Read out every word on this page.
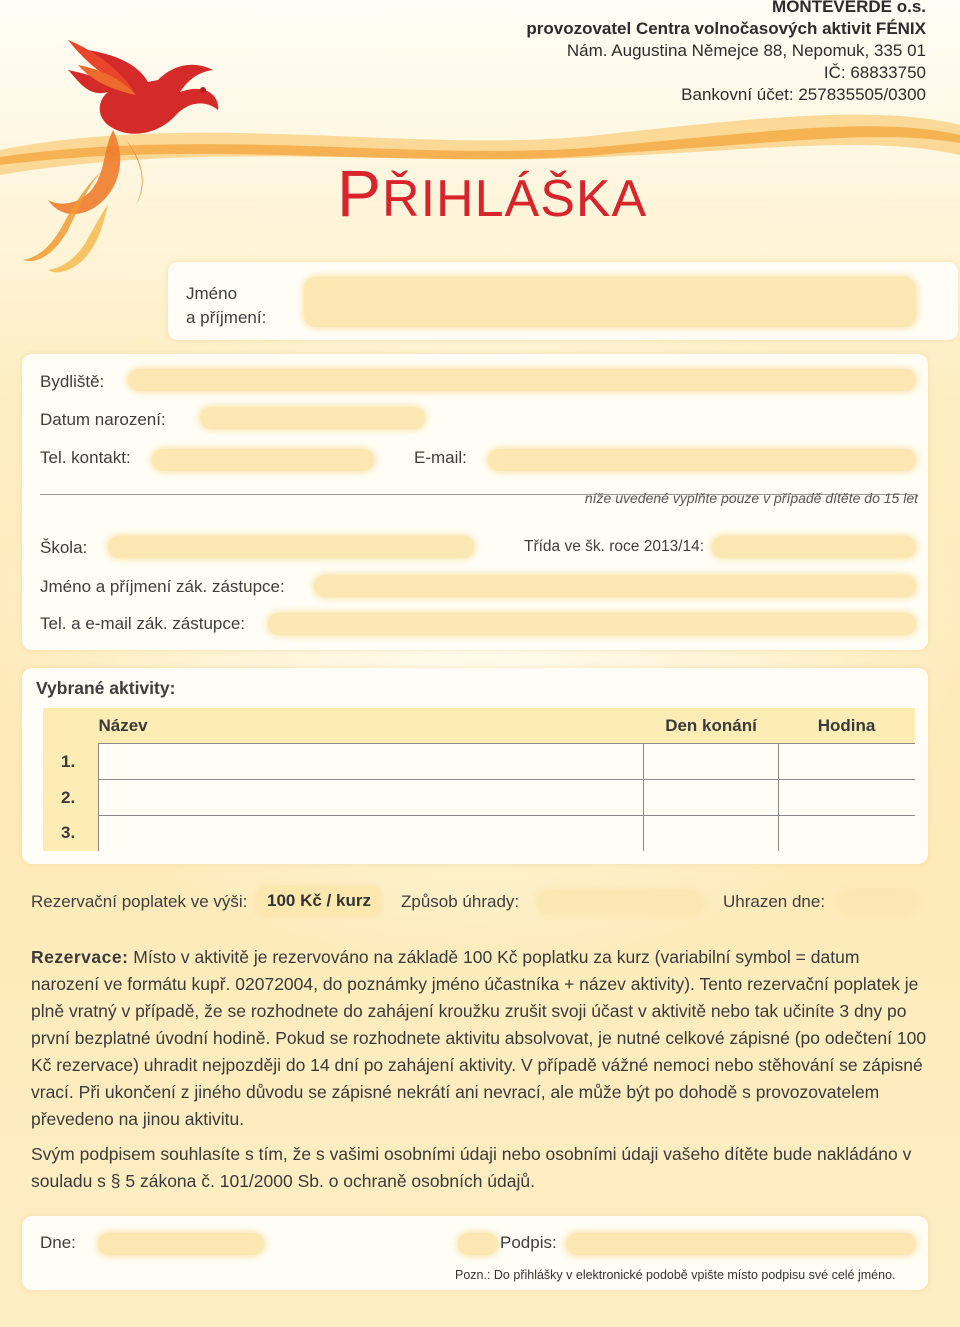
MONTEVERDE o.s.
provozovatel Centra volnočasových aktivit FÉNIX
Nám. Augustina Němejce 88, Nepomuk, 335 01
IČ: 68833750
Bankovní účet: 257835505/0300
PŘIHLÁŠKA
Jméno
a příjmení:
Bydliště:
Datum narození:
Tel. kontakt:	E-mail:
níže uvedené vyplňte pouze v případě dítěte do 15 let
Škola:	Třída ve šk. roce 2013/14:
Jméno a příjmení zák. zástupce:
Tel. a e-mail zák. zástupce:
Vybrané aktivity:
	Název	Den konání	Hodina
1.			
2.			
3.			
Rezervační poplatek ve výši:	100 Kč / kurz	Způsob úhrady:	Uhrazen dne:
Rezervace: Místo v aktivitě je rezervováno na základě 100 Kč poplatku za kurz (variabilní symbol = datum narození ve formátu kupř. 02072004, do poznámky jméno účastníka + název aktivity). Tento rezervační poplatek je plně vratný v případě, že se rozhodnete do zahájení kroužku zrušit svoji účast v aktivitě nebo tak učiníte 3 dny po první bezplatné úvodní hodině. Pokud se rozhodnete aktivitu absolvovat, je nutné celkové zápisné (po odečtení 100 Kč rezervace) uhradit nejpozději do 14 dní po zahájení aktivity. V případě vážné nemoci nebo stěhování se zápisné vrací. Při ukončení z jiného důvodu se zápisné nekrátí ani nevrací, ale může být po dohodě s provozovatelem převedeno na jinou aktivitu.
Svým podpisem souhlasíte s tím, že s vašimi osobními údaji nebo osobními údaji vašeho dítěte bude nakládáno v souladu s § 5 zákona č. 101/2000 Sb. o ochraně osobních údajů.
Dne:	Podpis:
Pozn.: Do přihlášky v elektronické podobě vpište místo podpisu své celé jméno.
